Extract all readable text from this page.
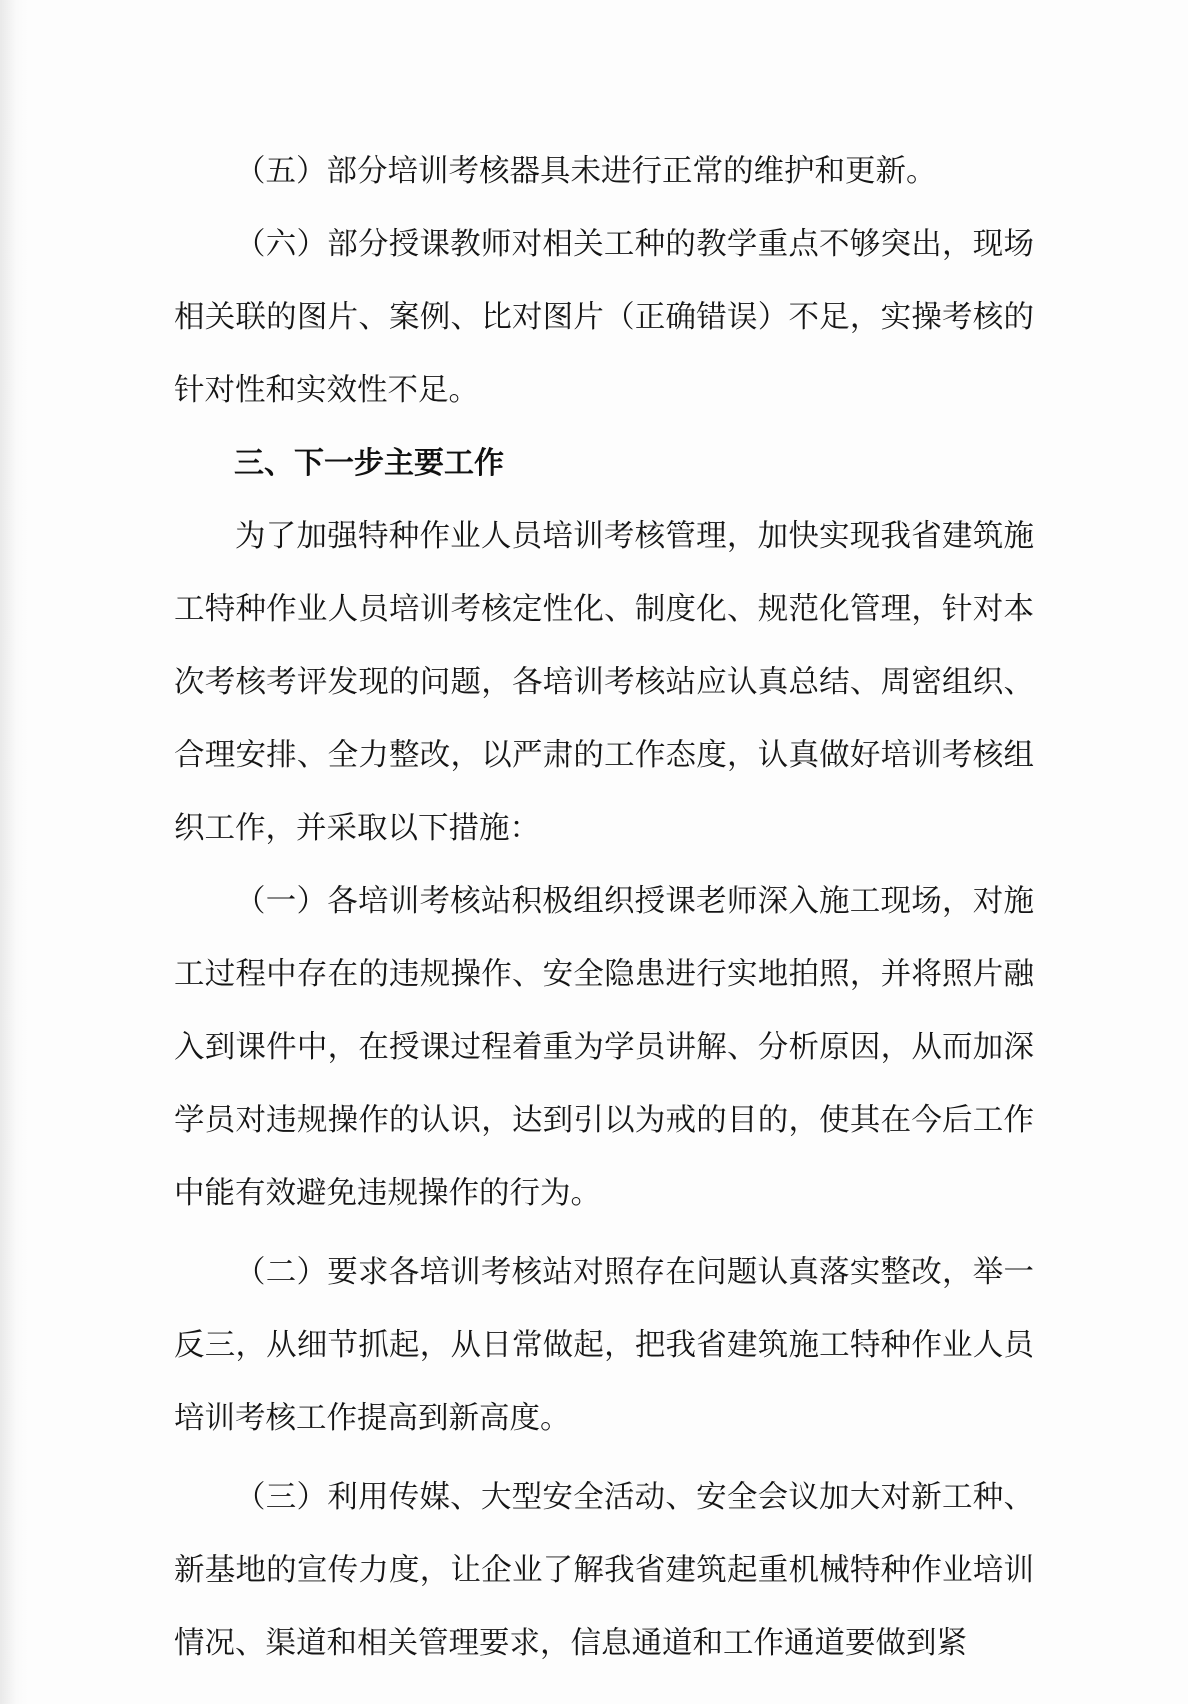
（五）部分培训考核器具未进行正常的维护和更新。

（六）部分授课教师对相关工种的教学重点不够突出，现场相关联的图片、案例、比对图片（正确错误）不足，实操考核的针对性和实效性不足。

三、下一步主要工作

为了加强特种作业人员培训考核管理，加快实现我省建筑施工特种作业人员培训考核定性化、制度化、规范化管理，针对本次考核考评发现的问题，各培训考核站应认真总结、周密组织、合理安排、全力整改，以严肃的工作态度，认真做好培训考核组织工作，并采取以下措施：

（一）各培训考核站积极组织授课老师深入施工现场，对施工过程中存在的违规操作、安全隐患进行实地拍照，并将照片融入到课件中，在授课过程着重为学员讲解、分析原因，从而加深学员对违规操作的认识，达到引以为戒的目的，使其在今后工作中能有效避免违规操作的行为。

（二）要求各培训考核站对照存在问题认真落实整改，举一反三，从细节抓起，从日常做起，把我省建筑施工特种作业人员培训考核工作提高到新高度。

（三）利用传媒、大型安全活动、安全会议加大对新工种、新基地的宣传力度，让企业了解我省建筑起重机械特种作业培训情况、渠道和相关管理要求，信息通道和工作通道要做到紧
